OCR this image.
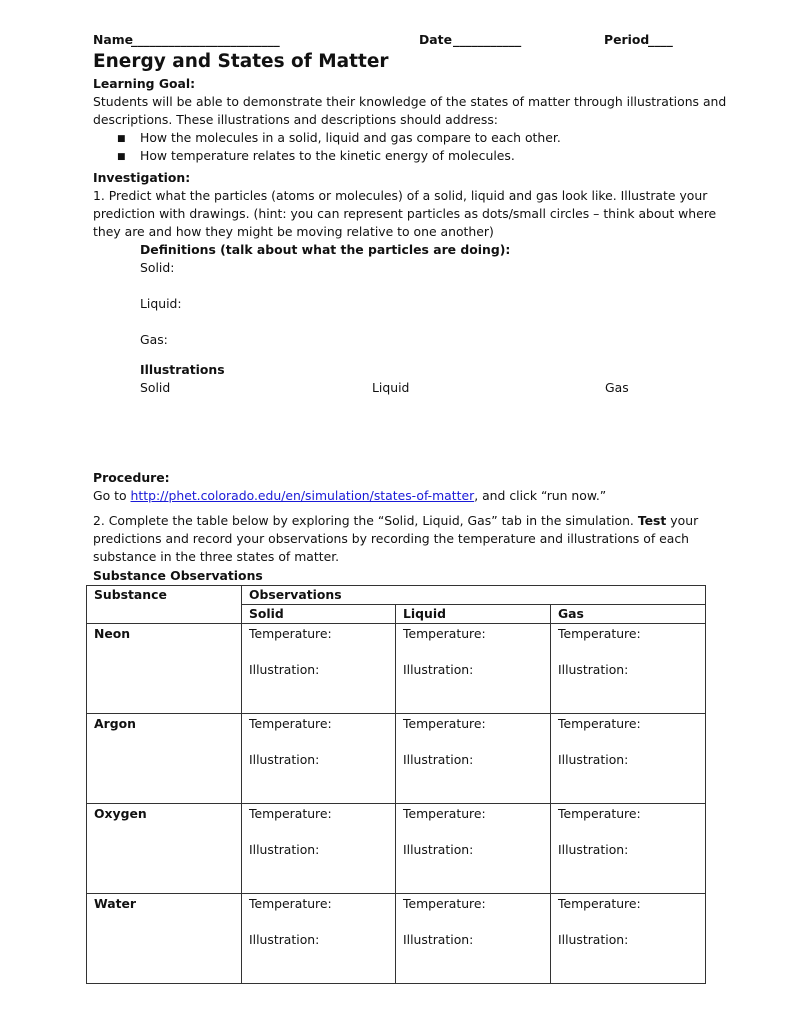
Name
________________________	Date ___________	Period
____
Energy and States of Matter
Learning Goal:
Students will be able to demonstrate their knowledge of the states of matter through illustrations and
descriptions. These illustrations and descriptions should address:
■ How the molecules in a solid, liquid and gas compare to each other.
■ How temperature relates to the kinetic energy of molecules.
Investigation:
1. Predict what the particles (atoms or molecules) of a solid, liquid and gas look like. Illustrate your
prediction with drawings. (hint: you can represent particles as dots/small circles – think about where
they are and how they might be moving relative to one another)
Definitions (talk about what the particles are doing):
Solid:
Liquid:
Gas:
Illustrations
Solid	Liquid	Gas
Procedure:
Go to http://phet.colorado.edu/en/simulation/states-of-matter, and click “run now.”
2. Complete the table below by exploring the “Solid, Liquid, Gas” tab in the simulation. Test your
predictions and record your observations by recording the temperature and illustrations of each
substance in the three states of matter.
Substance Observations
Substance	Observations		
	Solid	Liquid	Gas

Neon	Temperature:
Illustration:	Temperature:
Illustration:	Temperature:
Illustration:

Argon	Temperature:
Illustration:	Temperature:
Illustration:	Temperature:
Illustration:

Oxygen	Temperature:
Illustration:	Temperature:
Illustration:	Temperature:
Illustration:

Water	Temperature:
Illustration:	Temperature:
Illustration:	Temperature:
Illustration:
